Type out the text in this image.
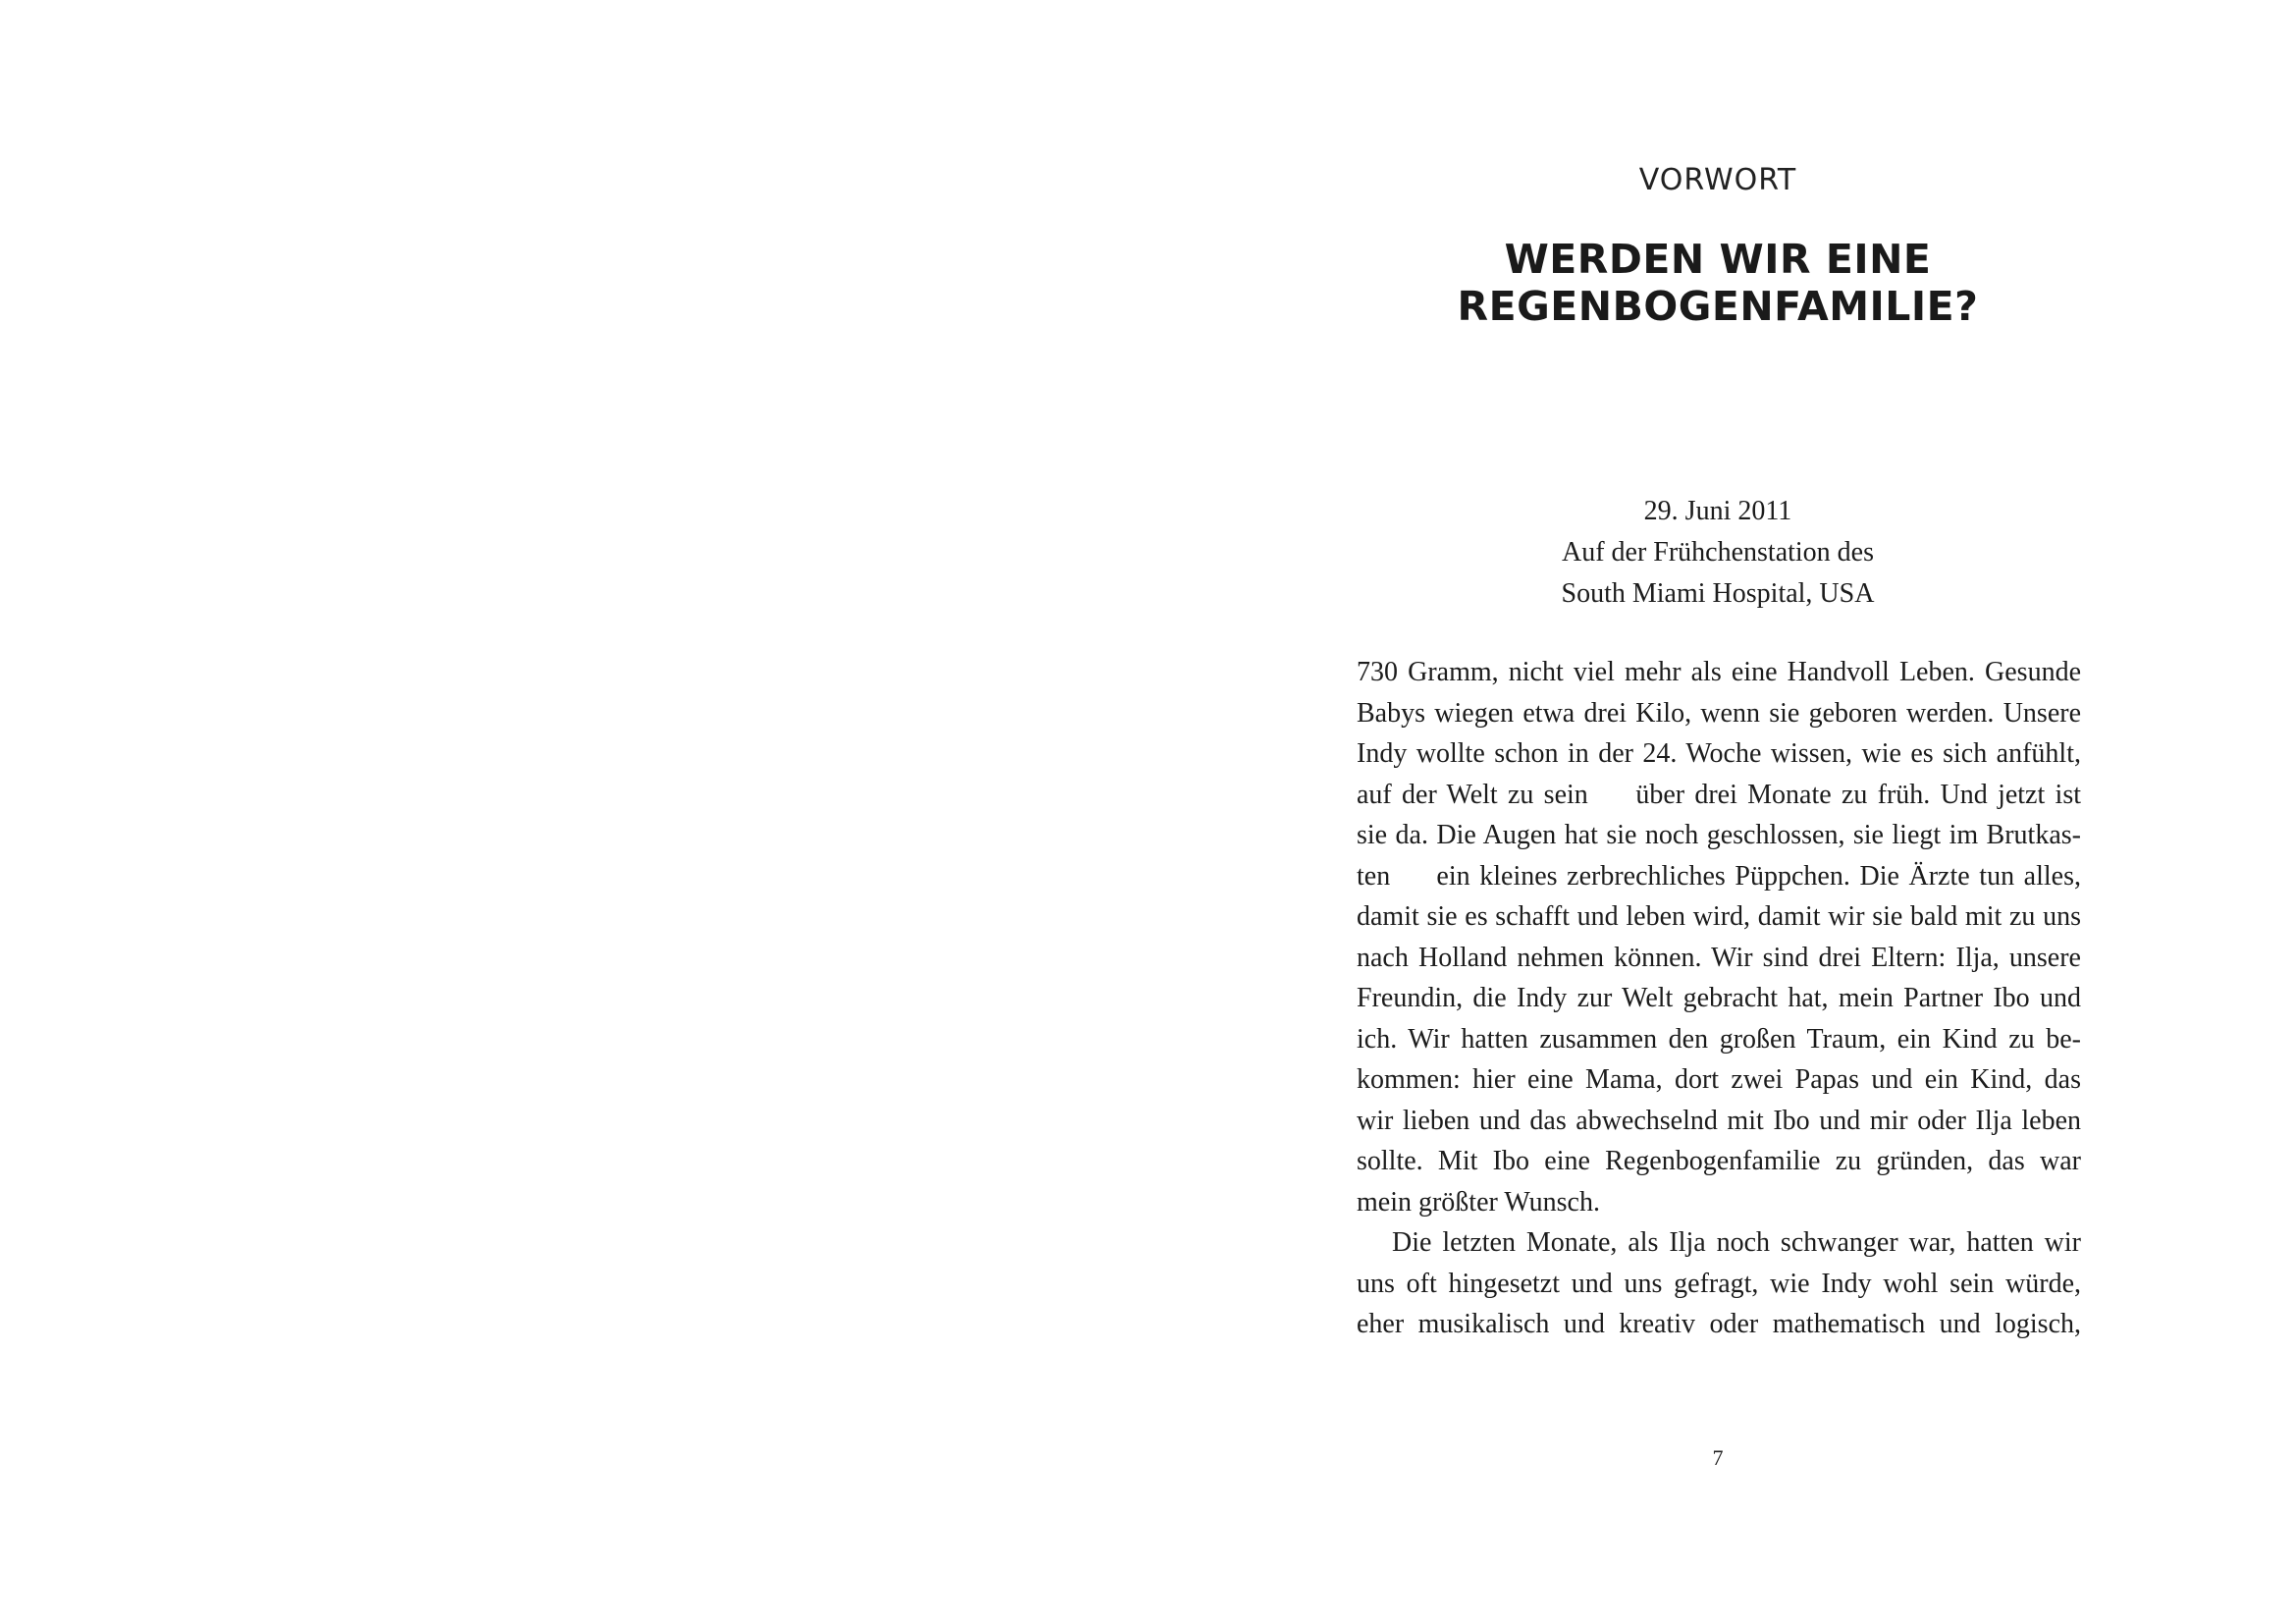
VORWORT
WERDEN WIR EINE
REGENBOGENFAMILIE?
29. Juni 2011
Auf der Frühchenstation des
South Miami Hospital, USA
730 Gramm, nicht viel mehr als eine Handvoll Leben. Gesunde
Babys wiegen etwa drei Kilo, wenn sie geboren werden. Unsere
Indy wollte schon in der 24. Woche wissen, wie es sich anfühlt,
auf der Welt zu sein   über drei Monate zu früh. Und jetzt ist
sie da. Die Augen hat sie noch geschlossen, sie liegt im Brutkas-
ten   ein kleines zerbrechliches Püppchen. Die Ärzte tun alles,
damit sie es schafft und leben wird, damit wir sie bald mit zu uns
nach Holland nehmen können. Wir sind drei Eltern: Ilja, unsere
Freundin, die Indy zur Welt gebracht hat, mein Partner Ibo und
ich. Wir hatten zusammen den großen Traum, ein Kind zu be-
kommen: hier eine Mama, dort zwei Papas und ein Kind, das
wir lieben und das abwechselnd mit Ibo und mir oder Ilja leben
sollte. Mit Ibo eine Regenbogenfamilie zu gründen, das war
mein größter Wunsch.
Die letzten Monate, als Ilja noch schwanger war, hatten wir
uns oft hingesetzt und uns gefragt, wie Indy wohl sein würde,
eher musikalisch und kreativ oder mathematisch und logisch,
7
